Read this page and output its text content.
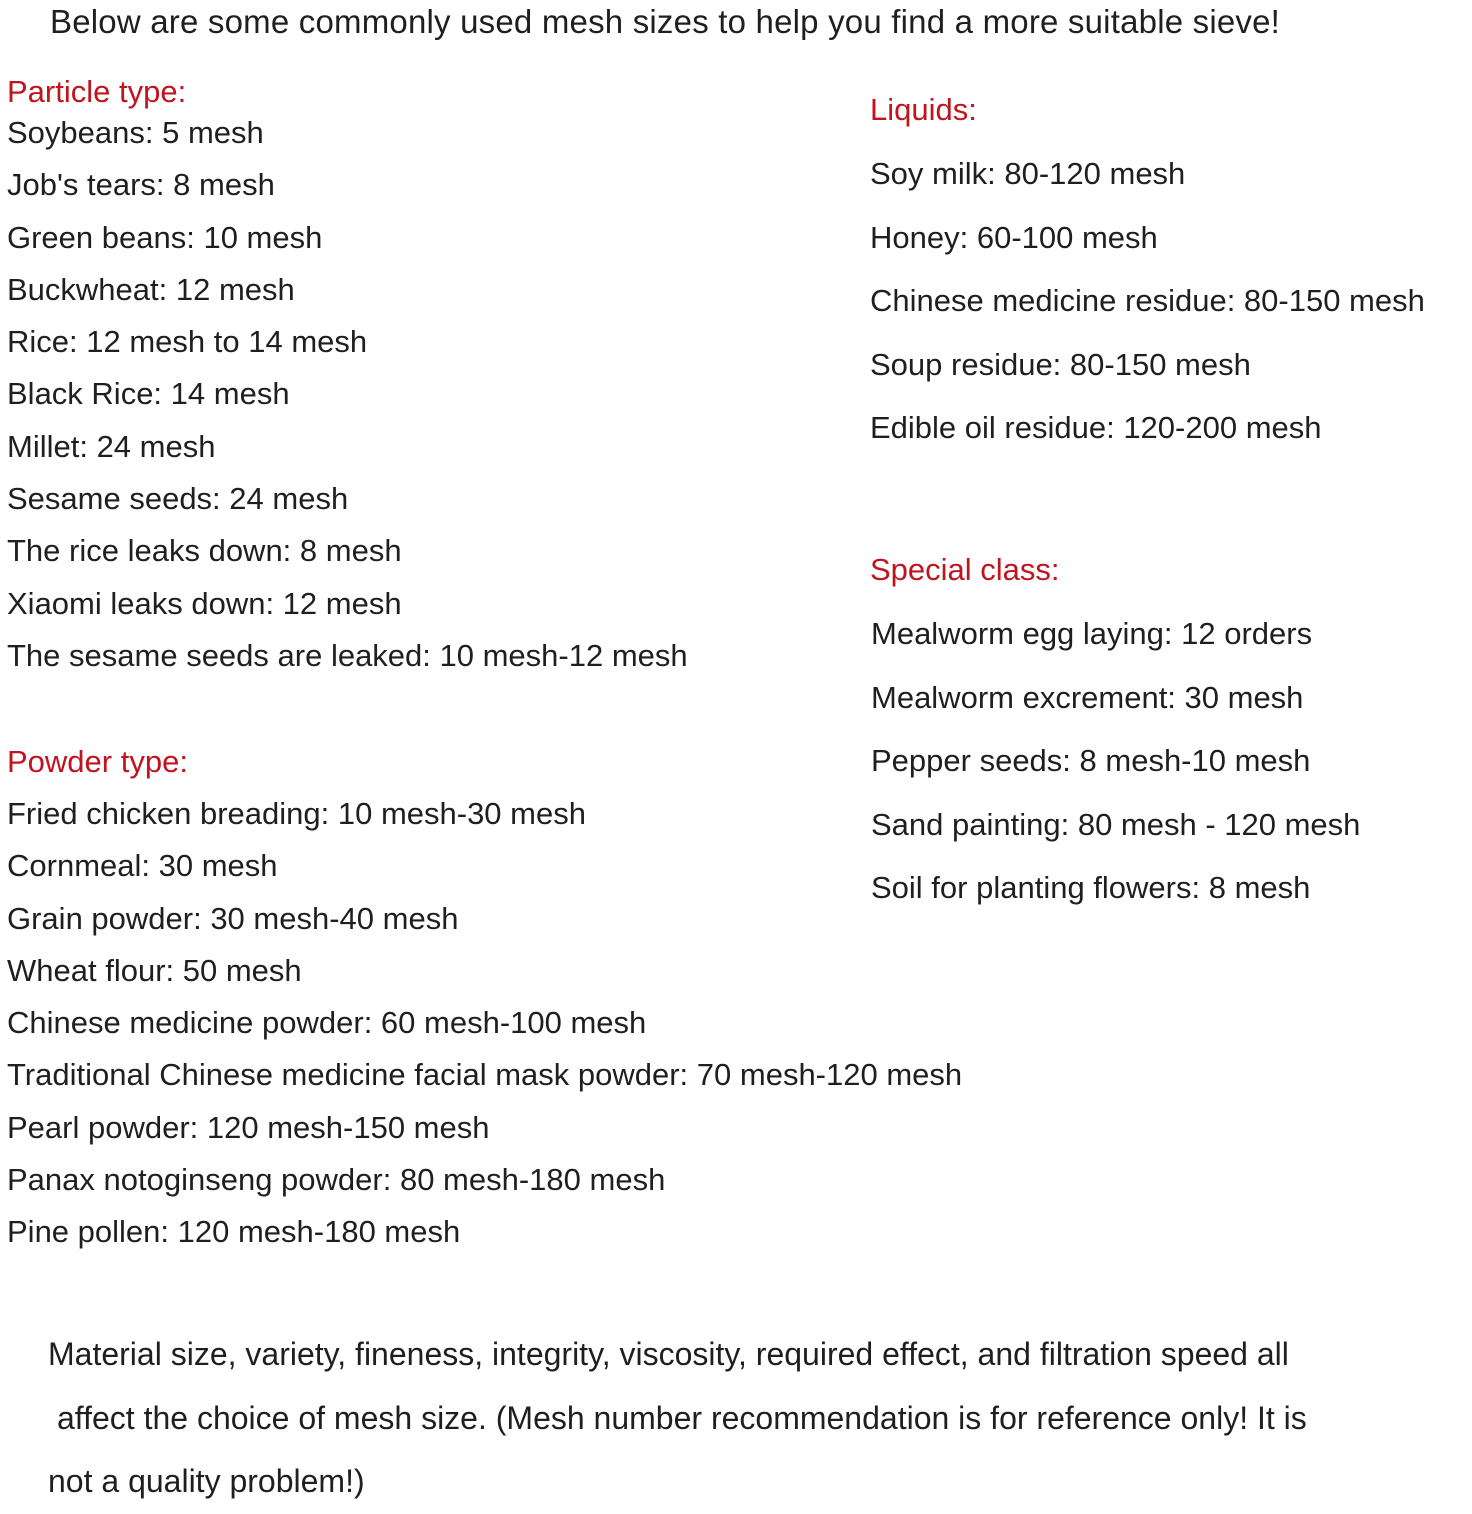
Below are some commonly used mesh sizes to help you find a more suitable sieve!
Particle type:
Soybeans: 5 mesh
Job's tears: 8 mesh
Green beans: 10 mesh
Buckwheat: 12 mesh
Rice: 12 mesh to 14 mesh
Black Rice: 14 mesh
Millet: 24 mesh
Sesame seeds: 24 mesh
The rice leaks down: 8 mesh
Xiaomi leaks down: 12 mesh
The sesame seeds are leaked: 10 mesh-12 mesh
Powder type:
Fried chicken breading: 10 mesh-30 mesh
Cornmeal: 30 mesh
Grain powder: 30 mesh-40 mesh
Wheat flour: 50 mesh
Chinese medicine powder: 60 mesh-100 mesh
Traditional Chinese medicine facial mask powder: 70 mesh-120 mesh
Pearl powder: 120 mesh-150 mesh
Panax notoginseng powder: 80 mesh-180 mesh
Pine pollen: 120 mesh-180 mesh
Liquids:
Soy milk: 80-120 mesh
Honey: 60-100 mesh
Chinese medicine residue: 80-150 mesh
Soup residue: 80-150 mesh
Edible oil residue: 120-200 mesh
Special class:
Mealworm egg laying: 12 orders
Mealworm excrement: 30 mesh
Pepper seeds: 8 mesh-10 mesh
Sand painting: 80 mesh - 120 mesh
Soil for planting flowers: 8 mesh
Material size, variety, fineness, integrity, viscosity, required effect, and filtration speed all
affect the choice of mesh size. (Mesh number recommendation is for reference only! It is
not a quality problem!)
